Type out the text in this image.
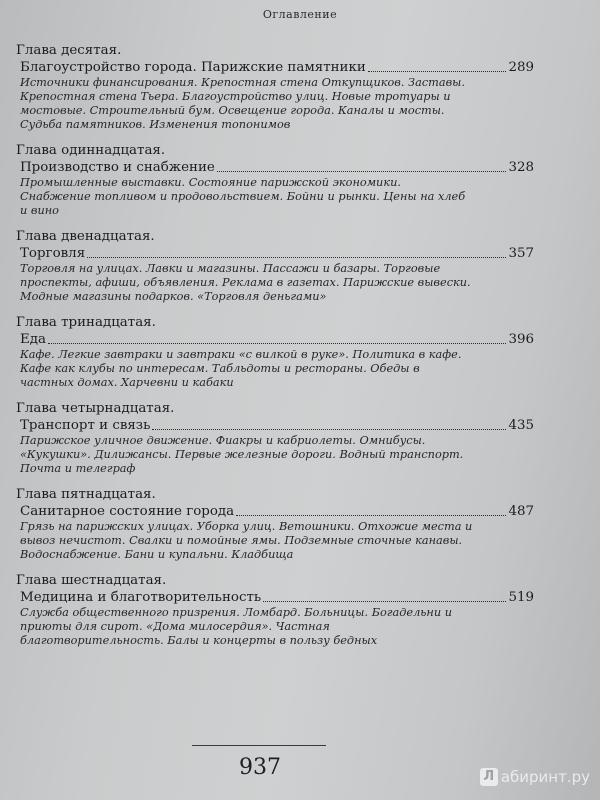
Оглавление
Глава десятая.
Благоустройство города. Парижские памятники	289
Источники финансирования. Крепостная стена Откупщиков. Заставы. Крепостная стена Тьера. Благоустройство улиц. Новые тротуары и мостовые. Строительный бум. Освещение города. Каналы и мосты. Судьба памятников. Изменения топонимов
Глава одиннадцатая.
Производство и снабжение	328
Промышленные выставки. Состояние парижской экономики. Снабжение топливом и продовольствием. Бойни и рынки. Цены на хлеб и вино
Глава двенадцатая.
Торговля	357
Торговля на улицах. Лавки и магазины. Пассажи и базары. Торговые проспекты, афиши, объявления. Реклама в газетах. Парижские вывески. Модные магазины подарков. «Торговля деньгами»
Глава тринадцатая.
Еда	396
Кафе. Легкие завтраки и завтраки «с вилкой в руке». Политика в кафе. Кафе как клубы по интересам. Табльдоты и рестораны. Обеды в частных домах. Харчевни и кабаки
Глава четырнадцатая.
Транспорт и связь	435
Парижское уличное движение. Фиакры и кабриолеты. Омнибусы. «Кукушки». Дилижансы. Первые железные дороги. Водный транспорт. Почта и телеграф
Глава пятнадцатая.
Санитарное состояние города	487
Грязь на парижских улицах. Уборка улиц. Ветошники. Отхожие места и вывоз нечистот. Свалки и помойные ямы. Подземные сточные канавы. Водоснабжение. Бани и купальни. Кладбища
Глава шестнадцатая.
Медицина и благотворительность	519
Служба общественного призрения. Ломбард. Больницы. Богадельни и приюты для сирот. «Дома милосердия». Частная благотворительность. Балы и концерты в пользу бедных
937	Л абиринт.ру
